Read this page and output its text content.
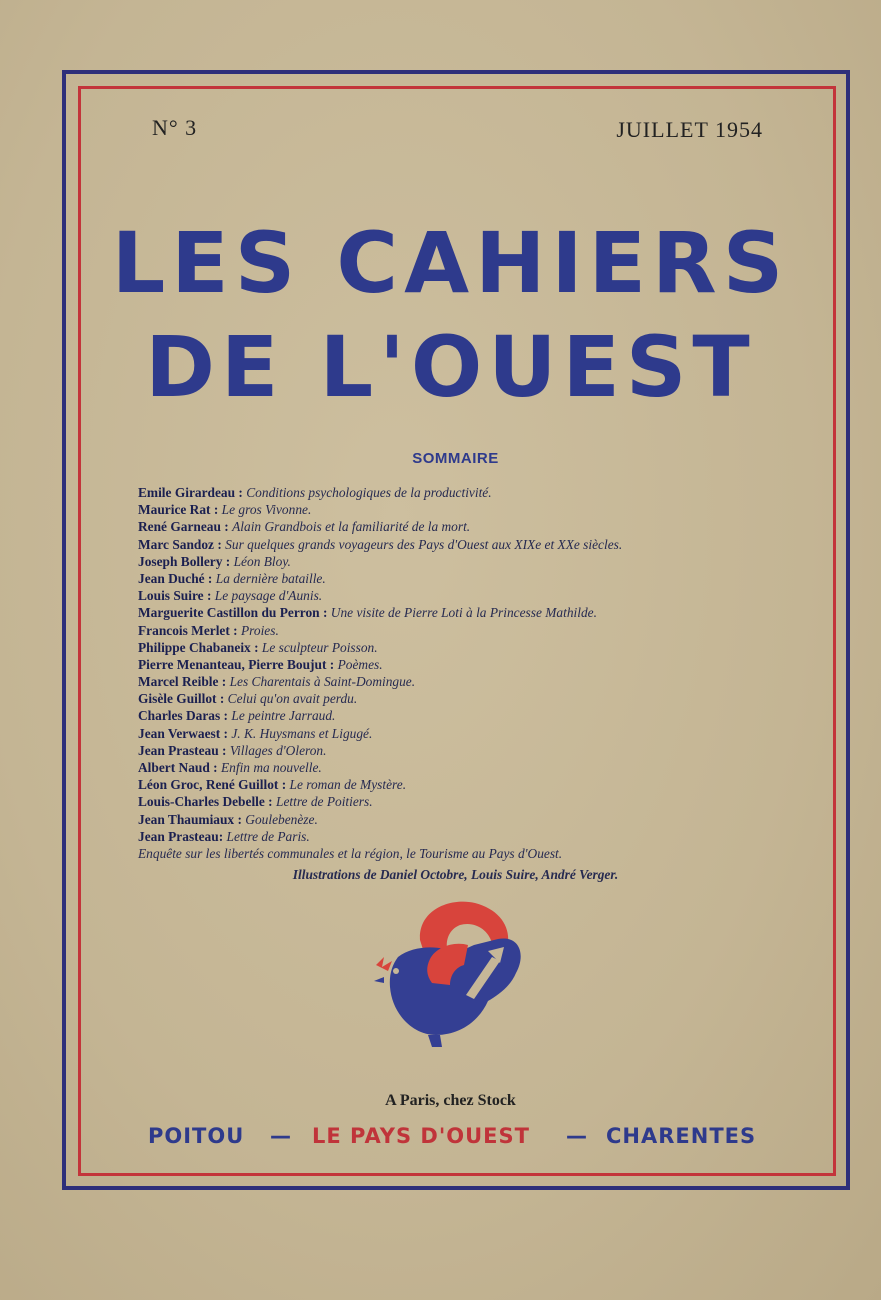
N° 3	JUILLET 1954
LES CAHIERS
DE L'OUEST
SOMMAIRE
Emile Girardeau : Conditions psychologiques de la productivité.
Maurice Rat : Le gros Vivonne.
René Garneau : Alain Grandbois et la familiarité de la mort.
Marc Sandoz : Sur quelques grands voyageurs des Pays d'Ouest aux XIXe et XXe siècles.
Joseph Bollery : Léon Bloy.
Jean Duché : La dernière bataille.
Louis Suire : Le paysage d'Aunis.
Marguerite Castillon du Perron : Une visite de Pierre Loti à la Princesse Mathilde.
Francois Merlet : Proies.
Philippe Chabaneix : Le sculpteur Poisson.
Pierre Menanteau, Pierre Boujut : Poèmes.
Marcel Reible : Les Charentais à Saint-Domingue.
Gisèle Guillot : Celui qu'on avait perdu.
Charles Daras : Le peintre Jarraud.
Jean Verwaest : J. K. Huysmans et Ligugé.
Jean Prasteau : Villages d'Oleron.
Albert Naud : Enfin ma nouvelle.
Léon Groc, René Guillot : Le roman de Mystère.
Louis-Charles Debelle : Lettre de Poitiers.
Jean Thaumiaux : Goulebenèze.
Jean Prasteau: Lettre de Paris.
Enquête sur les libertés communales et la région, le Tourisme au Pays d'Ouest.
Illustrations de Daniel Octobre, Louis Suire, André Verger.
A Paris, chez Stock
POITOU — LE PAYS D'OUEST — CHARENTES
